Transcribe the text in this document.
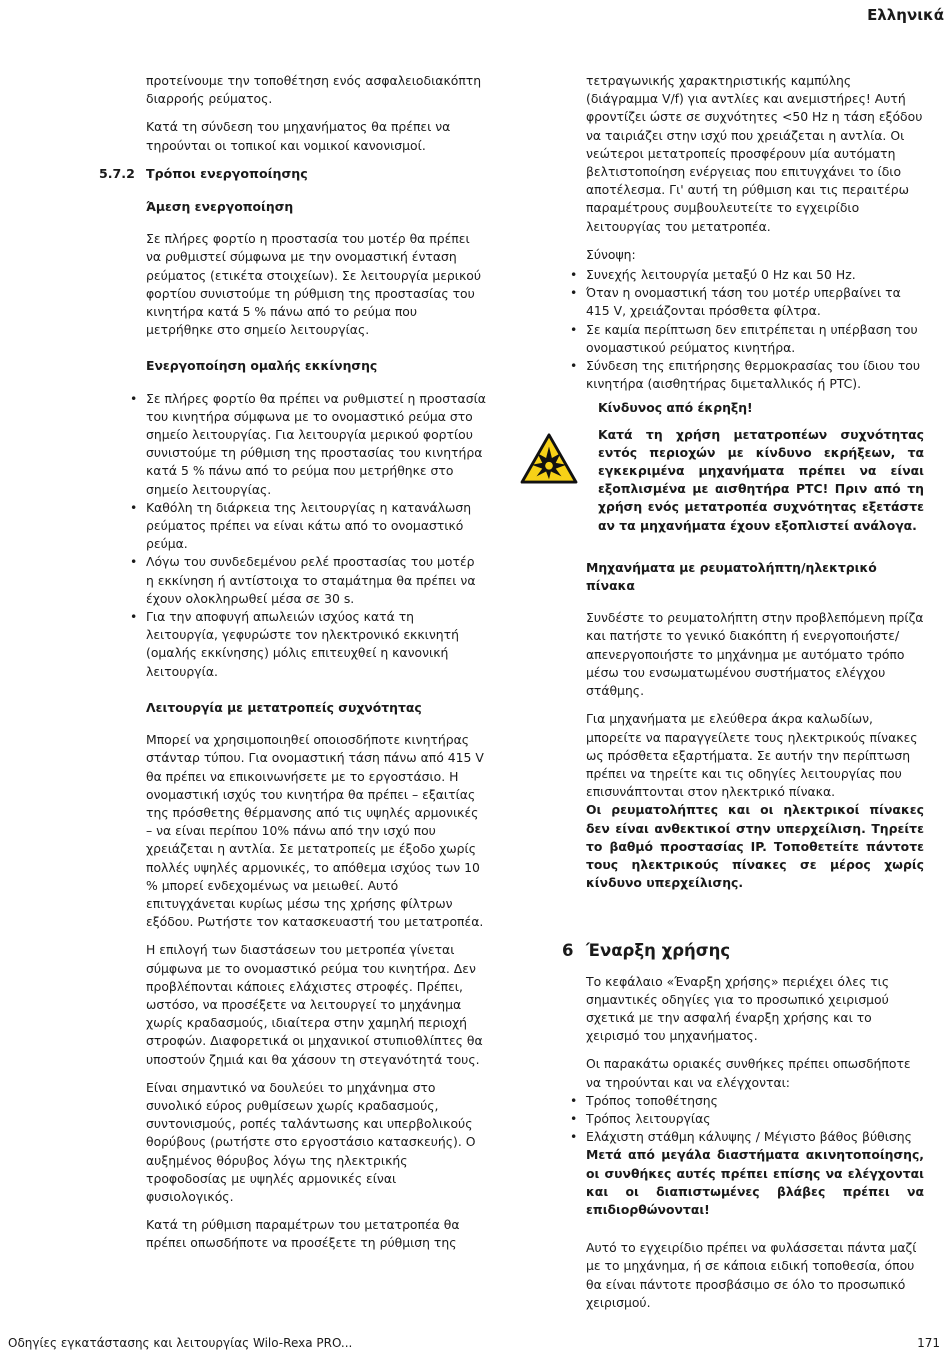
Ελληνικά

προτείνουμε την τοποθέτηση ενός ασφαλειοδιακόπτη διαρροής ρεύματος.

Κατά τη σύνδεση του μηχανήματος θα πρέπει να τηρούνται οι τοπικοί και νομικοί κανονισμοί.

5.7.2 Τρόποι ενεργοποίησης
Άμεση ενεργοποίηση

Σε πλήρες φορτίο η προστασία του μοτέρ θα πρέπει να ρυθμιστεί σύμφωνα με την ονομαστική ένταση ρεύματος (ετικέτα στοιχείων). Σε λειτουργία μερικού φορτίου συνιστούμε τη ρύθμιση της προστασίας του κινητήρα κατά 5 % πάνω από το ρεύμα που μετρήθηκε στο σημείο λειτουργίας.

Ενεργοποίηση ομαλής εκκίνησης
• Σε πλήρες φορτίο θα πρέπει να ρυθμιστεί η προστασία του κινητήρα σύμφωνα με το ονομαστικό ρεύμα στο σημείο λειτουργίας. Για λειτουργία μερικού φορτίου συνιστούμε τη ρύθμιση της προστασίας του κινητήρα κατά 5 % πάνω από το ρεύμα που μετρήθηκε στο σημείο λειτουργίας.
• Καθόλη τη διάρκεια της λειτουργίας η κατανάλωση ρεύματος πρέπει να είναι κάτω από το ονομαστικό ρεύμα.
• Λόγω του συνδεδεμένου ρελέ προστασίας του μοτέρ η εκκίνηση ή αντίστοιχα το σταμάτημα θα πρέπει να έχουν ολοκληρωθεί μέσα σε 30 s.
• Για την αποφυγή απωλειών ισχύος κατά τη λειτουργία, γεφυρώστε τον ηλεκτρονικό εκκινητή (ομαλής εκκίνησης) μόλις επιτευχθεί η κανονική λειτουργία.
Λειτουργία με μετατροπείς συχνότητας

Μπορεί να χρησιμοποιηθεί οποιοσδήποτε κινητήρας στάνταρ τύπου. Για ονομαστική τάση πάνω από 415 V θα πρέπει να επικοινωνήσετε με το εργοστάσιο. Η ονομαστική ισχύς του κινητήρα θα πρέπει – εξαιτίας της πρόσθετης θέρμανσης από τις υψηλές αρμονικές – να είναι περίπου 10% πάνω από την ισχύ που χρειάζεται η αντλία. Σε μετατροπείς με έξοδο χωρίς πολλές υψηλές αρμονικές, το απόθεμα ισχύος των 10 % μπορεί ενδεχομένως να μειωθεί. Αυτό επιτυγχάνεται κυρίως μέσω της χρήσης φίλτρων εξόδου. Ρωτήστε τον κατασκευαστή του μετατροπέα.

Η επιλογή των διαστάσεων του μετροπέα γίνεται σύμφωνα με το ονομαστικό ρεύμα του κινητήρα. Δεν προβλέπονται κάποιες ελάχιστες στροφές. Πρέπει, ωστόσο, να προσέξετε να λειτουργεί το μηχάνημα χωρίς κραδασμούς, ιδιαίτερα στην χαμηλή περιοχή στροφών. Διαφορετικά οι μηχανικοί στυπιοθλίπτες θα υποστούν ζημιά και θα χάσουν τη στεγανότητά τους.

Είναι σημαντικό να δουλεύει το μηχάνημα στο συνολικό εύρος ρυθμίσεων χωρίς κραδασμούς, συντονισμούς, ροπές ταλάντωσης και υπερβολικούς θορύβους (ρωτήστε στο εργοστάσιο κατασκευής). Ο αυξημένος θόρυβος λόγω της ηλεκτρικής τροφοδοσίας με υψηλές αρμονικές είναι φυσιολογικός.

Κατά τη ρύθμιση παραμέτρων του μετατροπέα θα πρέπει οπωσδήποτε να προσέξετε τη ρύθμιση της

τετραγωνικής χαρακτηριστικής καμπύλης (διάγραμμα V/f) για αντλίες και ανεμιστήρες! Αυτή φροντίζει ώστε σε συχνότητες <50 Hz η τάση εξόδου να ταιριάζει στην ισχύ που χρειάζεται η αντλία. Οι νεώτεροι μετατροπείς προσφέρουν μία αυτόματη βελτιστοποίηση ενέργειας που επιτυγχάνει το ίδιο αποτέλεσμα. Γι' αυτή τη ρύθμιση και τις περαιτέρω παραμέτρους συμβουλευτείτε το εγχειρίδιο λειτουργίας του μετατροπέα.

Σύνοψη:

• Συνεχής λειτουργία μεταξύ 0 Hz και 50 Hz.
• Όταν η ονομαστική τάση του μοτέρ υπερβαίνει τα 415 V, χρειάζονται πρόσθετα φίλτρα.
• Σε καμία περίπτωση δεν επιτρέπεται η υπέρβαση του ονομαστικού ρεύματος κινητήρα.
• Σύνδεση της επιτήρησης θερμοκρασίας του ίδιου του κινητήρα (αισθητήρας διμεταλλικός ή PTC).
Κίνδυνος από έκρηξη!
Κατά τη χρήση μετατροπέων συχνότητας εντός περιοχών με κίνδυνο εκρήξεων, τα εγκεκριμένα μηχανήματα πρέπει να είναι εξοπλισμένα με αισθητήρα PTC! Πριν από τη χρήση ενός μετατροπέα συχνότητας εξετάστε αν τα μηχανήματα έχουν εξοπλιστεί ανάλογα.
Μηχανήματα με ρευματολήπτη/ηλεκτρικό πίνακα

Συνδέστε το ρευματολήπτη στην προβλεπόμενη πρίζα και πατήστε το γενικό διακόπτη ή ενεργοποιήστε/απενεργοποιήστε το μηχάνημα με αυτόματο τρόπο μέσω του ενσωματωμένου συστήματος ελέγχου στάθμης.

Για μηχανήματα με ελεύθερα άκρα καλωδίων, μπορείτε να παραγγείλετε τους ηλεκτρικούς πίνακες ως πρόσθετα εξαρτήματα. Σε αυτήν την περίπτωση πρέπει να τηρείτε και τις οδηγίες λειτουργίας που επισυνάπτονται στον ηλεκτρικό πίνακα.

Οι ρευματολήπτες και οι ηλεκτρικοί πίνακες δεν είναι ανθεκτικοί στην υπερχείλιση. Τηρείτε το βαθμό προστασίας IP. Τοποθετείτε πάντοτε τους ηλεκτρικούς πίνακες σε μέρος χωρίς κίνδυνο υπερχείλισης.

6 Έναρξη χρήσης

Το κεφάλαιο «Έναρξη χρήσης» περιέχει όλες τις σημαντικές οδηγίες για το προσωπικό χειρισμού σχετικά με την ασφαλή έναρξη χρήσης και το χειρισμό του μηχανήματος.

Οι παρακάτω οριακές συνθήκες πρέπει οπωσδήποτε να τηρούνται και να ελέγχονται:

• Τρόπος τοποθέτησης
• Τρόπος λειτουργίας
• Ελάχιστη στάθμη κάλυψης / Μέγιστο βάθος βύθισης

Μετά από μεγάλα διαστήματα ακινητοποίησης, οι συνθήκες αυτές πρέπει επίσης να ελέγχονται και οι διαπιστωμένες βλάβες πρέπει να επιδιορθώνονται!

Αυτό το εγχειρίδιο πρέπει να φυλάσσεται πάντα μαζί με το μηχάνημα, ή σε κάποια ειδική τοποθεσία, όπου θα είναι πάντοτε προσβάσιμο σε όλο το προσωπικό χειρισμού.

Οδηγίες εγκατάστασης και λειτουργίας Wilo-Rexa PRO...	171
